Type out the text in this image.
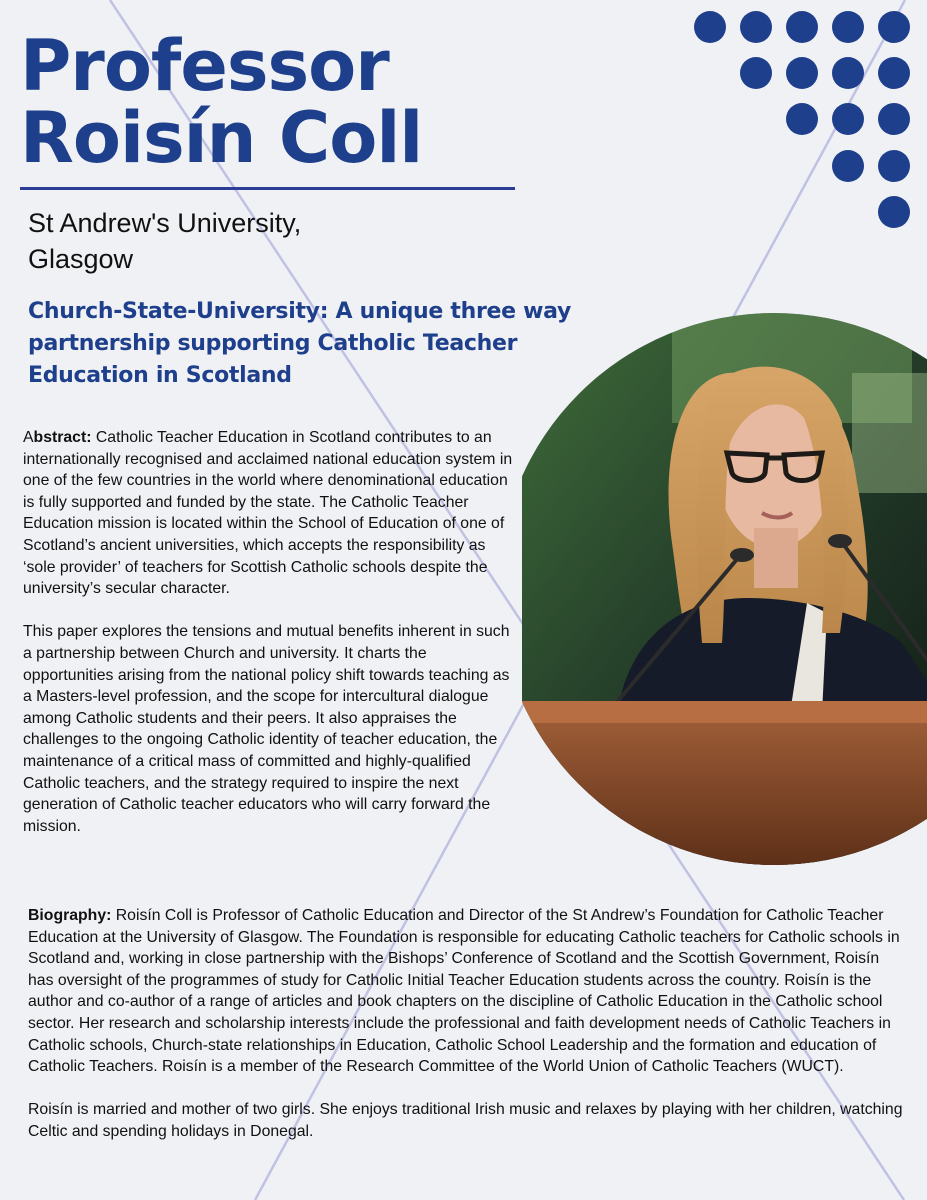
Professor
Roisín Coll
St Andrew's University,
Glasgow
Church-State-University: A unique three way partnership supporting Catholic Teacher Education in Scotland

Abstract: Catholic Teacher Education in Scotland contributes to an internationally recognised and acclaimed national education system in one of the few countries in the world where denominational education is fully supported and funded by the state. The Catholic Teacher Education mission is located within the School of Education of one of Scotland’s ancient universities, which accepts the responsibility as ‘sole provider’ of teachers for Scottish Catholic schools despite the university’s secular character.

This paper explores the tensions and mutual benefits inherent in such a partnership between Church and university. It charts the opportunities arising from the national policy shift towards teaching as a Masters-level profession, and the scope for intercultural dialogue among Catholic students and their peers. It also appraises the challenges to the ongoing Catholic identity of teacher education, the maintenance of a critical mass of committed and highly-qualified Catholic teachers, and the strategy required to inspire the next generation of Catholic teacher educators who will carry forward the mission.

Biography: Roisín Coll is Professor of Catholic Education and Director of the St Andrew’s Foundation for Catholic Teacher Education at the University of Glasgow. The Foundation is responsible for educating Catholic teachers for Catholic schools in Scotland and, working in close partnership with the Bishops’ Conference of Scotland and the Scottish Government, Roisín has oversight of the programmes of study for Catholic Initial Teacher Education students across the country. Roisín is the author and co-author of a range of articles and book chapters on the discipline of Catholic Education in the Catholic school sector. Her research and scholarship interests include the professional and faith development needs of Catholic Teachers in Catholic schools, Church-state relationships in Education, Catholic School Leadership and the formation and education of Catholic Teachers. Roisín is a member of the Research Committee of the World Union of Catholic Teachers (WUCT).

Roisín is married and mother of two girls. She enjoys traditional Irish music and relaxes by playing with her children, watching Celtic and spending holidays in Donegal.
